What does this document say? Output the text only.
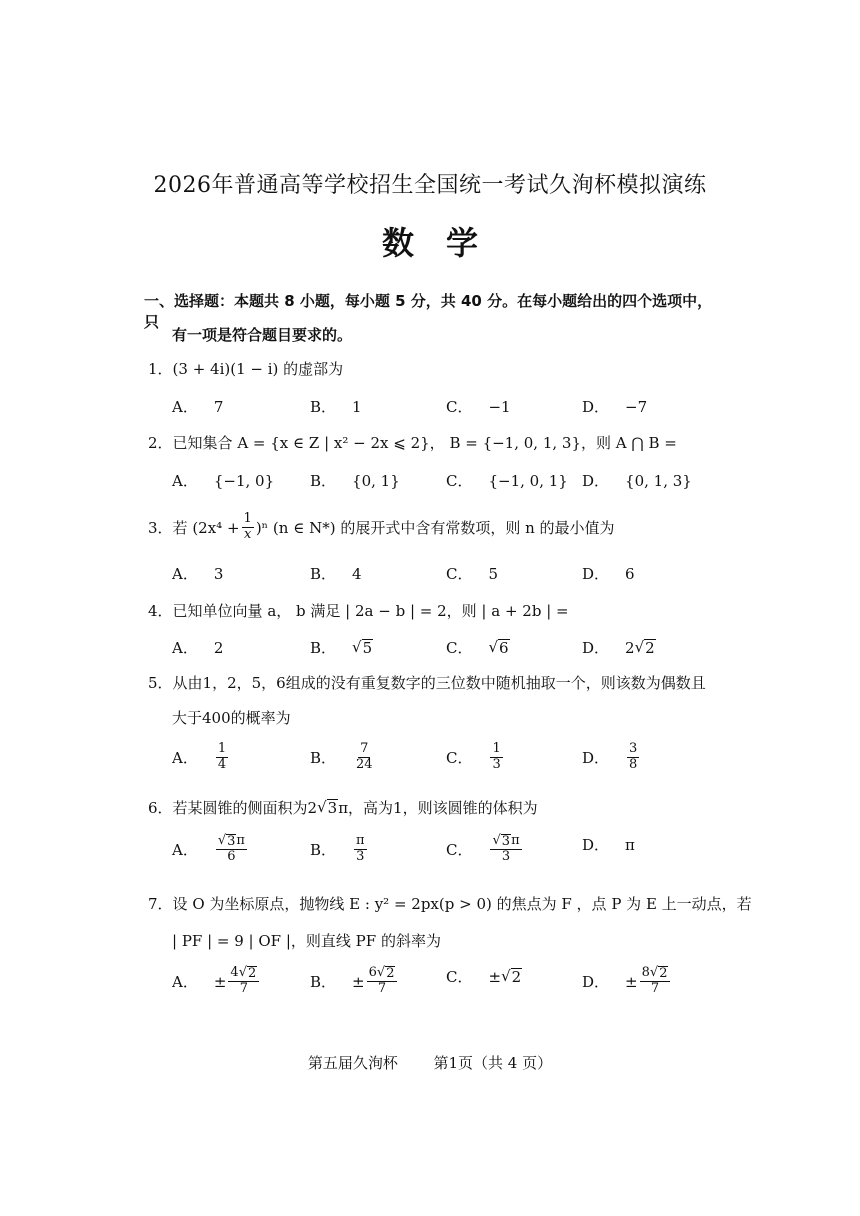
2026年普通高等学校招生全国统一考试久洵杯模拟演练
数学
一、选择题：本题共 8 小题，每小题 5 分，共 40 分。在每小题给出的四个选项中，只
有一项是符合题目要求的。
1．(3 + 4i)(1 − i) 的虚部为
A． 7	B． 1	C． −1	D． −7
2．已知集合 A = {x ∈ Z | x² − 2x ⩽ 2}， B = {−1, 0, 1, 3}，则 A ⋂ B =
A． {−1, 0} B． {0, 1}	C． {−1, 0, 1} D． {0, 1, 3}
3． 若 $(2x^4 + \frac{1}{x} )^n$ (n ∈ N*) 的展开式中含有常数项，则 n 的最小值为
A． 3	B． 4	C． 5	D． 6
4．已知单位向量 a， b 满足 | 2a − b | = 2，则 | a + 2b | =
A． 2	B． √ 5	C． √ 6	D． 2 √ 2
5．从由1，2，5，6组成的没有重复数字的三位数中随机抽取一个，则该数为偶数且
大于400的概率为
A． $\frac{1}{4}$	B． $\frac{7}{24}$	C． $\frac{1}{3}$	D． $\frac{3}{8}$
6． 若某圆锥的侧面积为2 √ 3 π，高为1，则该圆锥的体积为
A． $\frac{√ 3 \pi}{6}$	B． $\frac{\pi}{3}$	C． $\frac{√ 3 \pi}{3}$	D． π
7．设 O 为坐标原点，抛物线 E : y² = 2px(p > 0) 的焦点为 F ，点 P 为 E 上一动点，若
| PF | = 9 | OF |，则直线 PF 的斜率为
A． ± $\frac{4 √ 2}{7}$	B． ± $\frac{6 √ 2}{7}$	C． ± √ 2	D． ± $\frac{8 √ 2}{7}$
第五届久洵杯 第1页（共 4 页）
